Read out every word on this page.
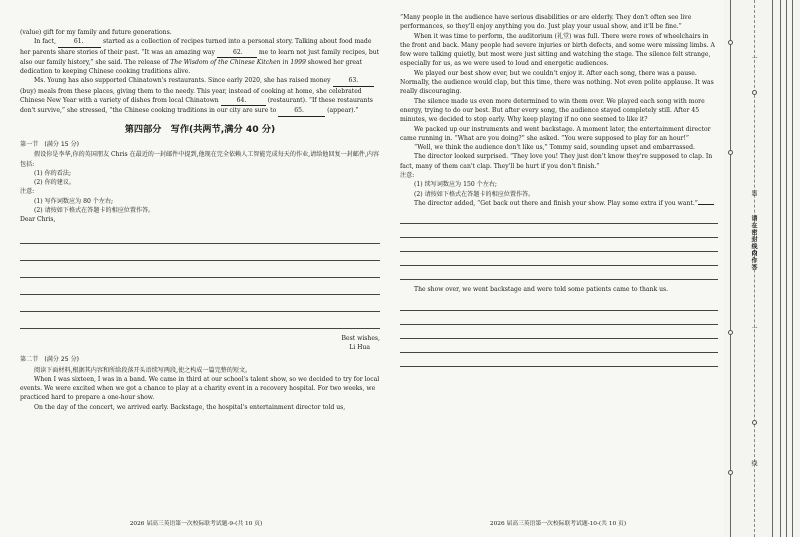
(value) gift for my family and future generations.

In fact,	61.	started as a collection of recipes turned into a personal story. Talking about food made her parents share stories of their past. “It was an amazing way	62.	me to learn not just family recipes, but also our family history,” she said. The release of The Wisdom of the Chinese Kitchen in 1999 showed her great dedication to keeping Chinese cooking traditions alive.

Ms. Young has also supported Chinatown's restaurants. Since early 2020, she has raised money	63.         (buy) meals from these places, giving them to the needy. This year, instead of cooking at home, she celebrated Chinese New Year with a variety of dishes from local Chinatown	64.	(restaurant). “If these restaurants don't survive,” she stressed, “the Chinese cooking traditions in our city are sure to	65.	(appear).”

第四部分　写作(共两节,满分 40 分)

第一节　(满分 15 分)

假设你是李华,你的英国朋友 Chris 在最近的一封邮件中提到,他现在完全依赖人工智能完成每天的作业,请给他回复一封邮件,内容包括:

(1) 你的看法;

(2) 你的建议。

注意:

(1) 写作词数应为 80 个左右;

(2) 请按如下格式在答题卡的相应位置作答。

Dear Chris,

Best wishes,

Li Hua

第二节　(满分 25 分)

阅读下面材料,根据其内容和所给段落开头语续写两段,使之构成一篇完整的短文。

When I was sixteen, I was in a band. We came in third at our school's talent show, so we decided to try for local events. We were excited when we got a chance to play at a charity event in a recovery hospital. For two weeks, we practiced hard to prepare a one-hour show.

On the day of the concert, we arrived early. Backstage, the hospital's entertainment director told us,

2026 届高三英语第一次校际联考试题-9-(共 10 页)

“Many people in the audience have serious disabilities or are elderly. They don't often see live performances, so they'll enjoy anything you do. Just play your usual show, and it'll be fine.”

When it was time to perform, the auditorium (礼堂) was full. There were rows of wheelchairs in the front and back. Many people had severe injuries or birth defects, and some were missing limbs. A few were talking quietly, but most were just sitting and watching the stage. The silence felt strange, especially for us, as we were used to loud and energetic audiences.

We played our best show ever, but we couldn't enjoy it. After each song, there was a pause. Normally, the audience would clap, but this time, there was nothing. Not even polite applause. It was really discouraging.

The silence made us even more determined to win them over. We played each song with more energy, trying to do our best. But after every song, the audience stayed completely still. After 45 minutes, we decided to stop early. Why keep playing if no one seemed to like it?

We packed up our instruments and went backstage. A moment later, the entertainment director came running in. “What are you doing?” she asked. “You were supposed to play for an hour!”

“Well, we think the audience don't like us,” Tommy said, sounding upset and embarrassed.

The director looked surprised. “They love you! They just don't know they're supposed to clap. In fact, many of them can't clap. They'll be hurt if you don't finish.”

注意:

(1) 续写词数应为 150 个左右;

(2) 请按如下格式在答题卡的相应位置作答。

The director added, “Get back out there and finish your show. Play some extra if you want.”

The show over, we went backstage and were told some patients came to thank us.

2026 届高三英语第一次校际联考试题-10-(共 10 页)
一
题
请在密封线内作答
一
线
